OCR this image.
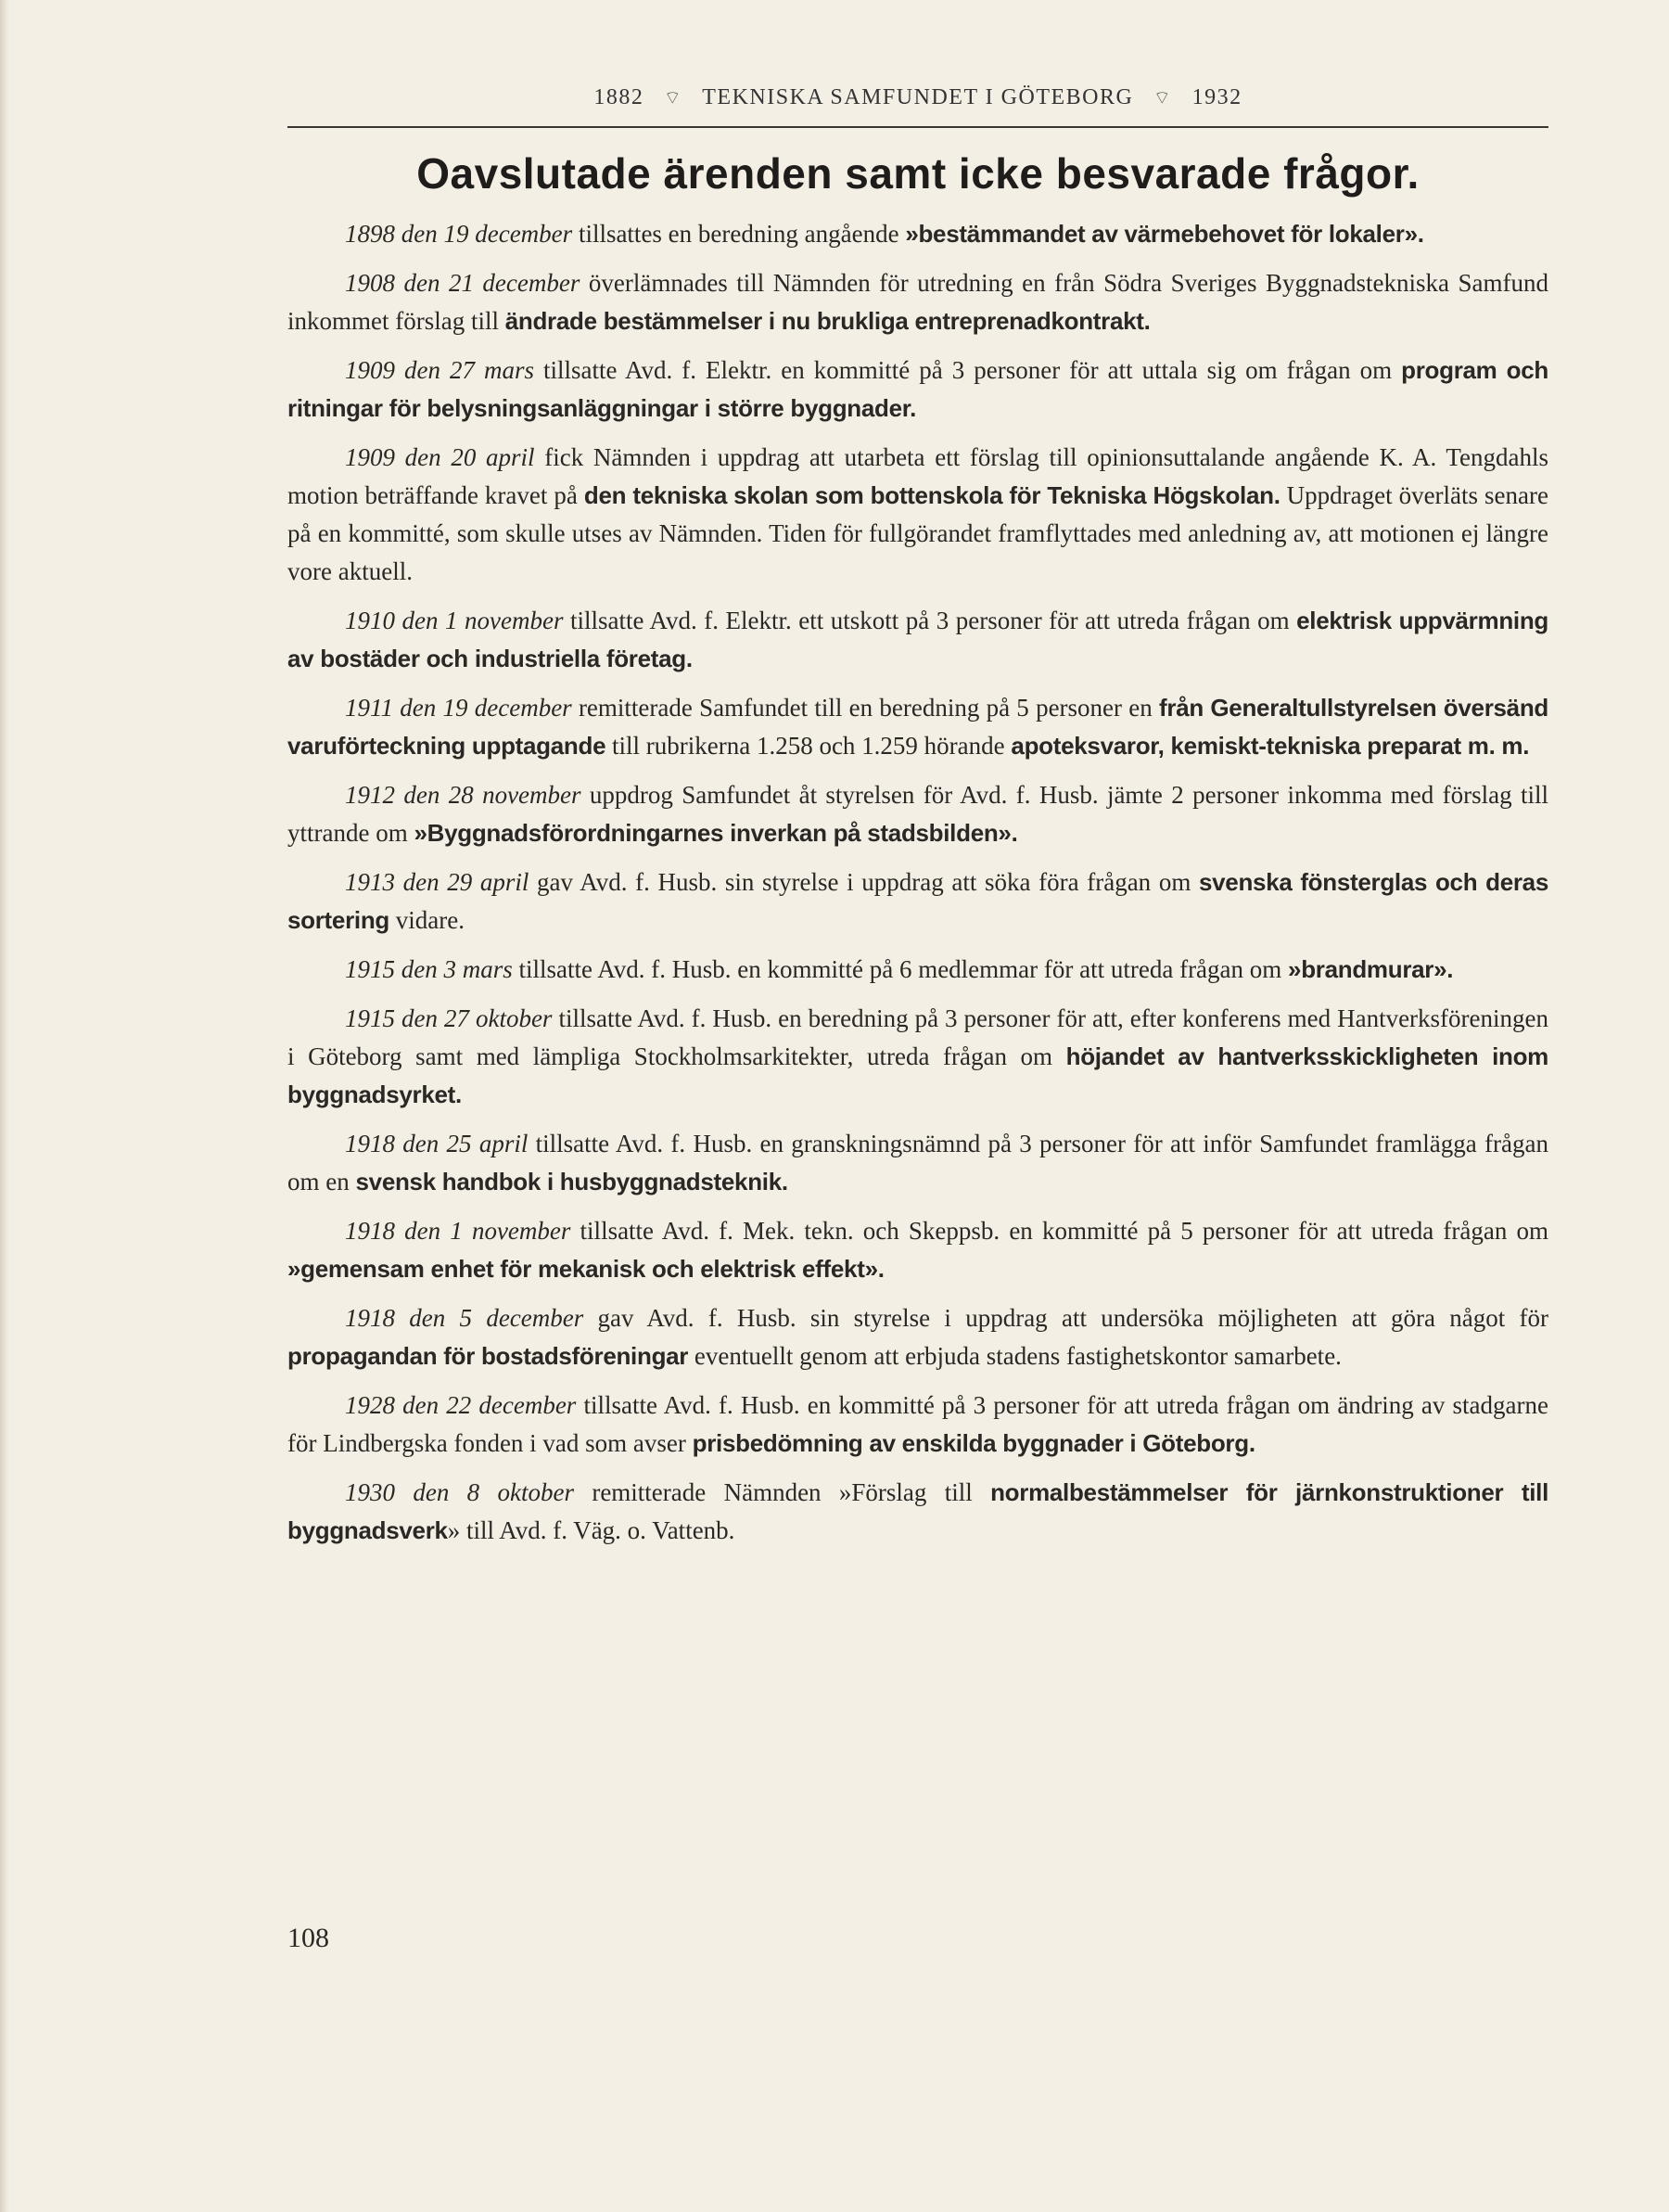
1882 ⌔ TEKNISKA SAMFUNDET I GÖTEBORG ⌔ 1932
Oavslutade ärenden samt icke besvarade frågor.

1898 den 19 december tillsattes en beredning angående »bestämmandet av värmebehovet för lokaler».

1908 den 21 december överlämnades till Nämnden för utredning en från Södra Sveriges Byggnadstekniska Samfund inkommet förslag till ändrade bestämmelser i nu brukliga entreprenadkontrakt.

1909 den 27 mars tillsatte Avd. f. Elektr. en kommitté på 3 personer för att uttala sig om frågan om program och ritningar för belysningsanläggningar i större byggnader.

1909 den 20 april fick Nämnden i uppdrag att utarbeta ett förslag till opinionsuttalande angående K. A. Tengdahls motion beträffande kravet på den tekniska skolan som bottenskola för Tekniska Högskolan. Uppdraget överläts senare på en kommitté, som skulle utses av Nämnden. Tiden för fullgörandet framflyttades med anledning av, att motionen ej längre vore aktuell.

1910 den 1 november tillsatte Avd. f. Elektr. ett utskott på 3 personer för att utreda frågan om elektrisk uppvärmning av bostäder och industriella företag.

1911 den 19 december remitterade Samfundet till en beredning på 5 personer en från Generaltullstyrelsen översänd varuförteckning upptagande till rubrikerna 1.258 och 1.259 hörande apoteksvaror, kemiskt-tekniska preparat m. m.

1912 den 28 november uppdrog Samfundet åt styrelsen för Avd. f. Husb. jämte 2 personer inkomma med förslag till yttrande om »Byggnadsförordningarnes inverkan på stadsbilden».

1913 den 29 april gav Avd. f. Husb. sin styrelse i uppdrag att söka föra frågan om svenska fönsterglas och deras sortering vidare.

1915 den 3 mars tillsatte Avd. f. Husb. en kommitté på 6 medlemmar för att utreda frågan om »brandmurar».

1915 den 27 oktober tillsatte Avd. f. Husb. en beredning på 3 personer för att, efter konferens med Hantverksföreningen i Göteborg samt med lämpliga Stockholmsarkitekter, utreda frågan om höjandet av hantverksskickligheten inom byggnadsyrket.

1918 den 25 april tillsatte Avd. f. Husb. en granskningsnämnd på 3 personer för att inför Samfundet framlägga frågan om en svensk handbok i husbyggnadsteknik.

1918 den 1 november tillsatte Avd. f. Mek. tekn. och Skeppsb. en kommitté på 5 personer för att utreda frågan om »gemensam enhet för mekanisk och elektrisk effekt».

1918 den 5 december gav Avd. f. Husb. sin styrelse i uppdrag att undersöka möjligheten att göra något för propagandan för bostadsföreningar eventuellt genom att erbjuda stadens fastighetskontor samarbete.

1928 den 22 december tillsatte Avd. f. Husb. en kommitté på 3 personer för att utreda frågan om ändring av stadgarne för Lindbergska fonden i vad som avser prisbedömning av enskilda byggnader i Göteborg.

1930 den 8 oktober remitterade Nämnden »Förslag till normalbestämmelser för järnkonstruktioner till byggnadsverk» till Avd. f. Väg. o. Vattenb.

108
